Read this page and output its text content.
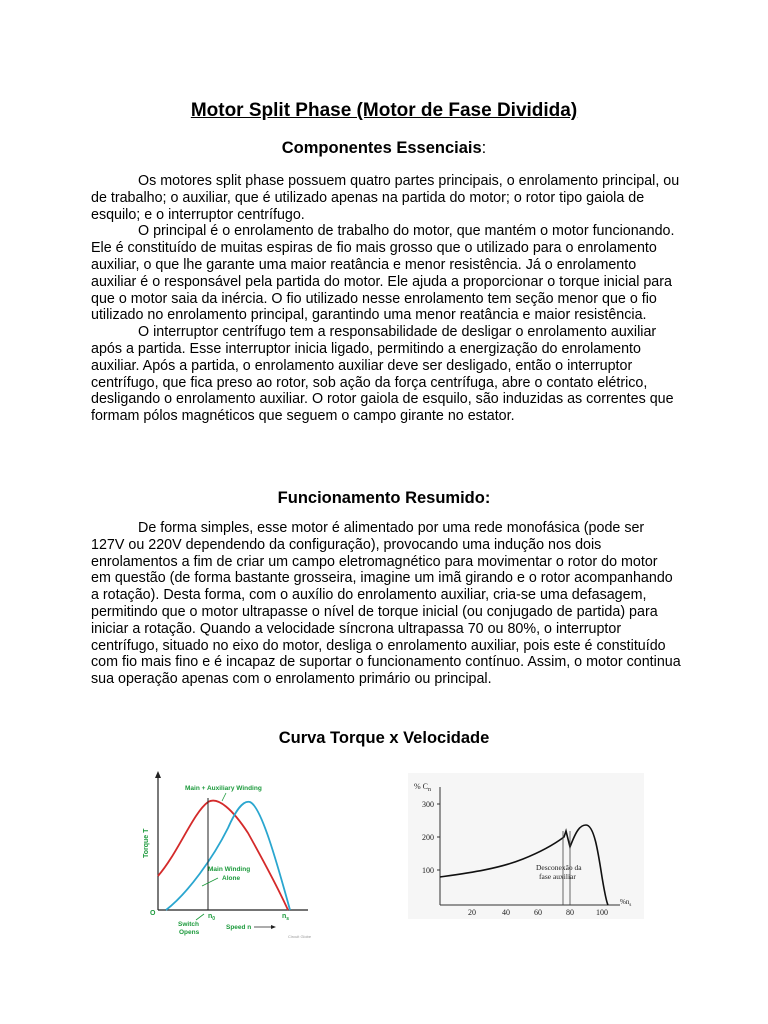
Motor Split Phase (Motor de Fase Dividida)
Componentes Essenciais:

Os motores split phase possuem quatro partes principais, o enrolamento principal, ou de trabalho; o auxiliar, que é utilizado apenas na partida do motor; o rotor tipo gaiola de esquilo; e o interruptor centrífugo.

O principal é o enrolamento de trabalho do motor, que mantém o motor funcionando. Ele é constituído de muitas espiras de fio mais grosso que o utilizado para o enrolamento auxiliar, o que lhe garante uma maior reatância e menor resistência. Já o enrolamento auxiliar é o responsável pela partida do motor. Ele ajuda a proporcionar o torque inicial para que o motor saia da inércia. O fio utilizado nesse enrolamento tem seção menor que o fio utilizado no enrolamento principal, garantindo uma menor reatância e maior resistência.

O interruptor centrífugo tem a responsabilidade de desligar o enrolamento auxiliar após a partida. Esse interruptor inicia ligado, permitindo a energização do enrolamento auxiliar. Após a partida, o enrolamento auxiliar deve ser desligado, então o interruptor centrífugo, que fica preso ao rotor, sob ação da força centrífuga, abre o contato elétrico, desligando o enrolamento auxiliar. O rotor gaiola de esquilo, são induzidas as correntes que formam pólos magnéticos que seguem o campo girante no estator.

Funcionamento Resumido:

De forma simples, esse motor é alimentado por uma rede monofásica (pode ser 127V ou 220V dependendo da configuração), provocando uma indução nos dois enrolamentos a fim de criar um campo eletromagnético para movimentar o rotor do motor em questão (de forma bastante grosseira, imagine um imã girando e o rotor acompanhando a rotação). Desta forma, com o auxílio do enrolamento auxiliar, cria-se uma defasagem, permitindo que o motor ultrapasse o nível de torque inicial (ou conjugado de partida) para iniciar a rotação. Quando a velocidade síncrona ultrapassa 70 ou 80%, o interruptor centrífugo, situado no eixo do motor, desliga o enrolamento auxiliar, pois este é constituído com fio mais fino e é incapaz de suportar o funcionamento contínuo. Assim, o motor continua sua operação apenas com o enrolamento primário ou principal.

Curva Torque x Velocidade
Main + Auxiliary Winding
Main Winding
Alone
Torque T
O	$n_0$	$n_s$
Switch
Opens
Speed n
Circuit Globe
300
200
100
20	40	60	80	100
% $C_n$
$\%n_s$
Desconexão da
fase auxiliar
